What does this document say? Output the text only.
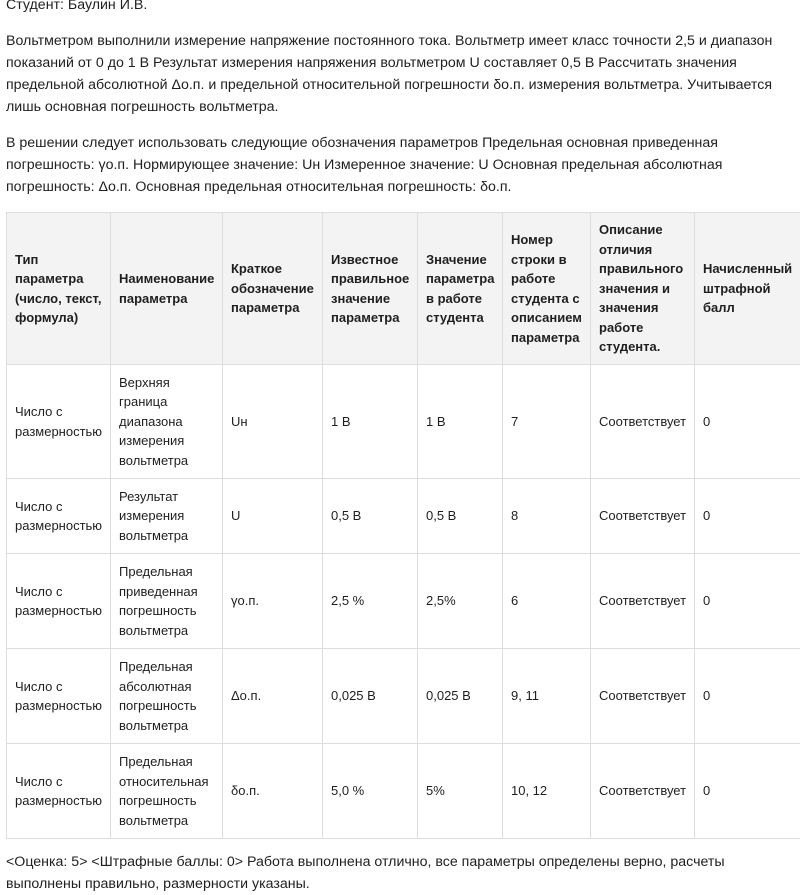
Студент: Баулин И.В.
Вольтметром выполнили измерение напряжение постоянного тока. Вольтметр имеет класс точности 2,5 и диапазон показаний от 0 до 1 В Результат измерения напряжения вольтметром U составляет 0,5 В Рассчитать значения предельной абсолютной Δо.п. и предельной относительной погрешности δо.п. измерения вольтметра. Учитывается лишь основная погрешность вольтметра.
В решении следует использовать следующие обозначения параметров Предельная основная приведенная погрешность: γо.п. Нормирующее значение: Uн Измеренное значение: U Основная предельная абсолютная погрешность: Δо.п. Основная предельная относительная погрешность: δо.п.
Тип параметра (число, текст, формула)	Наименование параметра	Краткое обозначение параметра	Известное правильное значение параметра	Значение параметра в работе студента	Номер строки в работе студента с описанием параметра	Описание отличия правильного значения и значения работе студента.	Начисленный штрафной балл
Число с размерностью	Верхняя граница диапазона измерения вольтметра	Uн	1 В	1 В	7	Соответствует	0
Число с размерностью	Результат измерения вольтметра	U	0,5 В	0,5 В	8	Соответствует	0
Число с размерностью	Предельная приведенная погрешность вольтметра	γо.п.	2,5 %	2,5%	6	Соответствует	0
Число с размерностью	Предельная абсолютная погрешность вольтметра	Δо.п.	0,025 В	0,025 В	9, 11	Соответствует	0
Число с размерностью	Предельная относительная погрешность вольтметра	δо.п.	5,0 %	5%	10, 12	Соответствует	0
<Оценка: 5> <Штрафные баллы: 0> Работа выполнена отлично, все параметры определены верно, расчеты выполнены правильно, размерности указаны.
